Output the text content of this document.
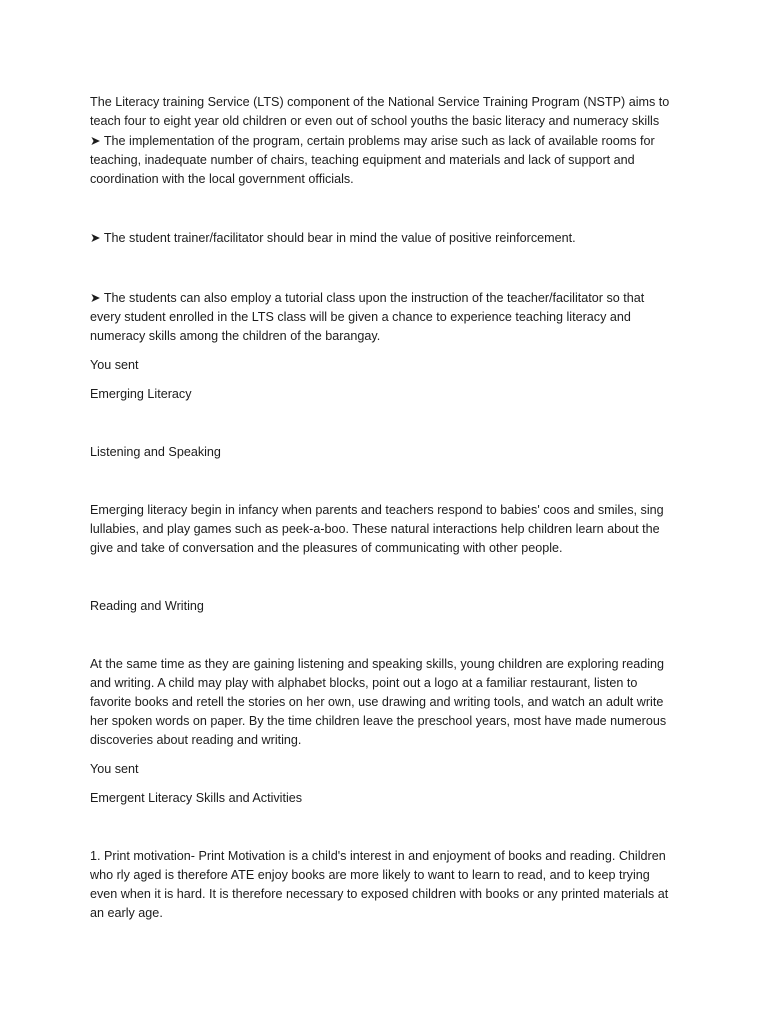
The Literacy training Service (LTS) component of the National Service Training Program (NSTP) aims to

teach four to eight year old children or even out of school youths the basic literacy and numeracy skills

➤ The implementation of the program, certain problems may arise such as lack of available rooms for

teaching, inadequate number of chairs, teaching equipment and materials and lack of support and

coordination with the local government officials.

➤ The student trainer/facilitator should bear in mind the value of positive reinforcement.

➤ The students can also employ a tutorial class upon the instruction of the teacher/facilitator so that

every student enrolled in the LTS class will be given a chance to experience teaching literacy and

numeracy skills among the children of the barangay.

You sent

Emerging Literacy

Listening and Speaking

Emerging literacy begin in infancy when parents and teachers respond to babies' coos and smiles, sing

lullabies, and play games such as peek-a-boo. These natural interactions help children learn about the

give and take of conversation and the pleasures of communicating with other people.

Reading and Writing

At the same time as they are gaining listening and speaking skills, young children are exploring reading

and writing. A child may play with alphabet blocks, point out a logo at a familiar restaurant, listen to

favorite books and retell the stories on her own, use drawing and writing tools, and watch an adult write

her spoken words on paper. By the time children leave the preschool years, most have made numerous

discoveries about reading and writing.

You sent

Emergent Literacy Skills and Activities

1. Print motivation- Print Motivation is a child's interest in and enjoyment of books and reading. Children

who rly aged is therefore ATE enjoy books are more likely to want to learn to read, and to keep trying

even when it is hard. It is therefore necessary to exposed children with books or any printed materials at

an early age.
